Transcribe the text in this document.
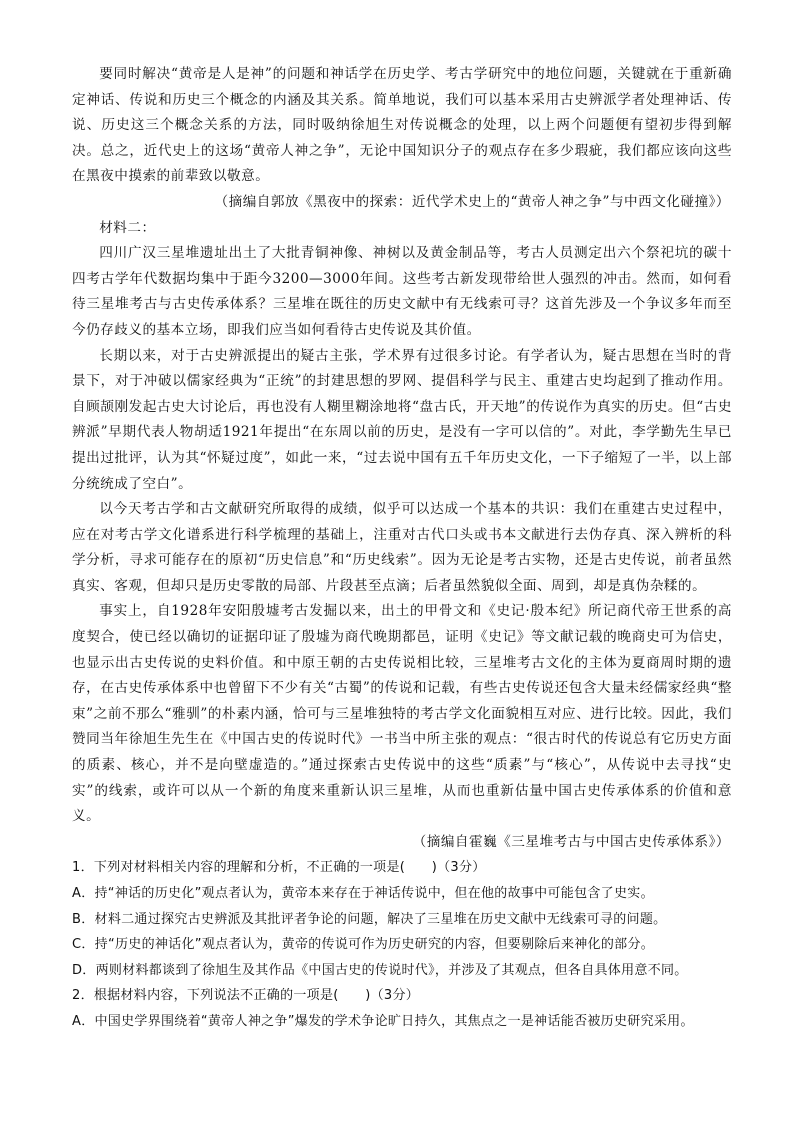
要同时解决“黄帝是人是神”的问题和神话学在历史学、考古学研究中的地位问题，关键就在于重新确定神话、传说和历史三个概念的内涵及其关系。简单地说，我们可以基本采用古史辨派学者处理神话、传说、历史这三个概念关系的方法，同时吸纳徐旭生对传说概念的处理，以上两个问题便有望初步得到解决。总之，近代史上的这场“黄帝人神之争”，无论中国知识分子的观点存在多少瑕疵，我们都应该向这些在黑夜中摸索的前辈致以敬意。

（摘编自郭放《黑夜中的探索：近代学术史上的“黄帝人神之争”与中西文化碰撞》）

材料二：

四川广汉三星堆遗址出土了大批青铜神像、神树以及黄金制品等，考古人员测定出六个祭祀坑的碳十四考古学年代数据均集中于距今3200—3000年间。这些考古新发现带给世人强烈的冲击。然而，如何看待三星堆考古与古史传承体系？三星堆在既往的历史文献中有无线索可寻？这首先涉及一个争议多年而至今仍存歧义的基本立场，即我们应当如何看待古史传说及其价值。

长期以来，对于古史辨派提出的疑古主张，学术界有过很多讨论。有学者认为，疑古思想在当时的背景下，对于冲破以儒家经典为“正统”的封建思想的罗网、提倡科学与民主、重建古史均起到了推动作用。自顾颉刚发起古史大讨论后，再也没有人糊里糊涂地将“盘古氏，开天地”的传说作为真实的历史。但“古史辨派”早期代表人物胡适1921年提出“在东周以前的历史，是没有一字可以信的”。对此，李学勤先生早已提出过批评，认为其“怀疑过度”，如此一来，“过去说中国有五千年历史文化，一下子缩短了一半，以上部分统统成了空白”。

以今天考古学和古文献研究所取得的成绩，似乎可以达成一个基本的共识：我们在重建古史过程中，应在对考古学文化谱系进行科学梳理的基础上，注重对古代口头或书本文献进行去伪存真、深入辨析的科学分析，寻求可能存在的原初“历史信息”和“历史线索”。因为无论是考古实物，还是古史传说，前者虽然真实、客观，但却只是历史零散的局部、片段甚至点滴；后者虽然貌似全面、周到，却是真伪杂糅的。

事实上，自1928年安阳殷墟考古发掘以来，出土的甲骨文和《史记·殷本纪》所记商代帝王世系的高度契合，使已经以确切的证据印证了殷墟为商代晚期都邑，证明《史记》等文献记载的晚商史可为信史，也显示出古史传说的史料价值。和中原王朝的古史传说相比较，三星堆考古文化的主体为夏商周时期的遗存，在古史传承体系中也曾留下不少有关“古蜀”的传说和记载，有些古史传说还包含大量未经儒家经典“整束”之前不那么“雅驯”的朴素内涵，恰可与三星堆独特的考古学文化面貌相互对应、进行比较。因此，我们赞同当年徐旭生先生在《中国古史的传说时代》一书当中所主张的观点：“很古时代的传说总有它历史方面的质素、核心，并不是向壁虚造的。”通过探索古史传说中的这些“质素”与“核心”，从传说中去寻找“史实”的线索，或许可以从一个新的角度来重新认识三星堆，从而也重新估量中国古史传承体系的价值和意义。

（摘编自霍巍《三星堆考古与中国古史传承体系》）

1．下列对材料相关内容的理解和分析，不正确的一项是(　　)（3分）

A．持“神话的历史化”观点者认为，黄帝本来存在于神话传说中，但在他的故事中可能包含了史实。

B．材料二通过探究古史辨派及其批评者争论的问题，解决了三星堆在历史文献中无线索可寻的问题。

C．持“历史的神话化”观点者认为，黄帝的传说可作为历史研究的内容，但要剔除后来神化的部分。

D．两则材料都谈到了徐旭生及其作品《中国古史的传说时代》，并涉及了其观点，但各自具体用意不同。

2．根据材料内容，下列说法不正确的一项是(　　)（3分）

A．中国史学界围绕着“黄帝人神之争”爆发的学术争论旷日持久，其焦点之一是神话能否被历史研究采用。
